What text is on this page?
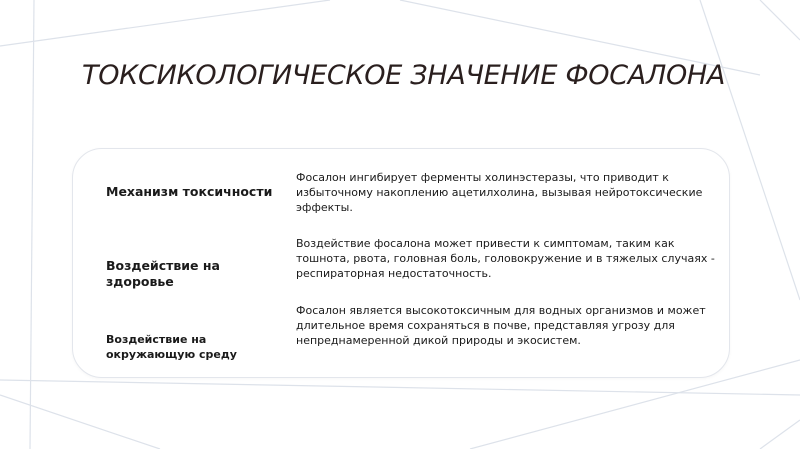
ТОКСИКОЛОГИЧЕСКОЕ ЗНАЧЕНИЕ ФОСАЛОНА

Механизм токсичности

Фосалон ингибирует ферменты холинэстеразы, что приводит к избыточному накоплению ацетилхолина, вызывая нейротоксические эффекты.

Воздействие на здоровье

Воздействие фосалона может привести к симптомам, таким как тошнота, рвота, головная боль, головокружение и в тяжелых случаях - респираторная недостаточность.

Воздействие на окружающую среду

Фосалон является высокотоксичным для водных организмов и может длительное время сохраняться в почве, представляя угрозу для непреднамеренной дикой природы и экосистем.
